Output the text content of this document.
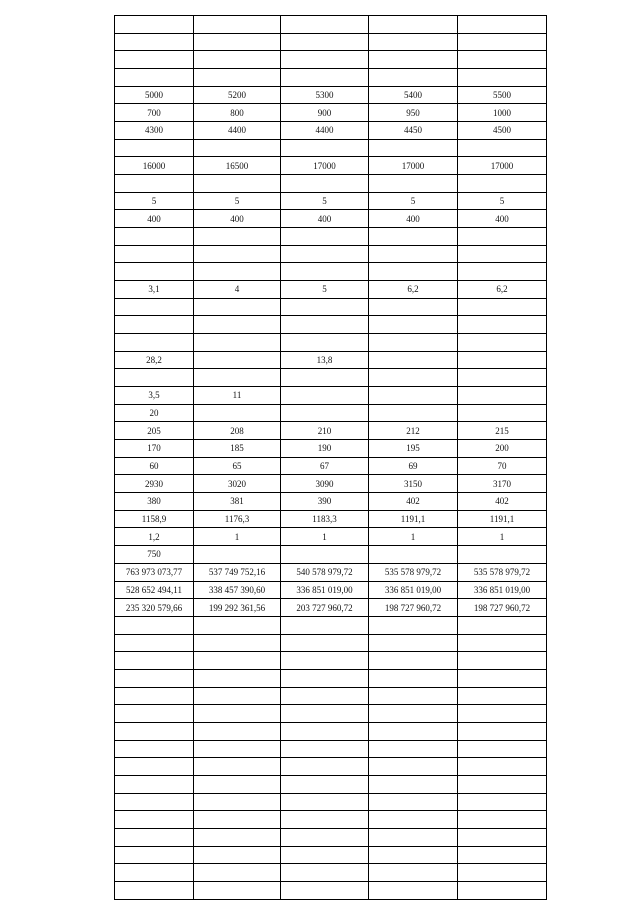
5000	5200	5300	5400	5500
700	800	900	950	1000
4300	4400	4400	4450	4500

16000	16500	17000	17000	17000

5	5	5	5	5
400	400	400	400	400

3,1	4	5	6,2	6,2

28,2		13,8		

3,5	11			
20				
205	208	210	212	215
170	185	190	195	200
60	65	67	69	70
2930	3020	3090	3150	3170
380	381	390	402	402
1158,9	1176,3	1183,3	1191,1	1191,1
1,2	1	1	1	1
750				
763 973 073,77	537 749 752,16	540 578 979,72	535 578 979,72	535 578 979,72
528 652 494,11	338 457 390,60	336 851 019,00	336 851 019,00	336 851 019,00
235 320 579,66	199 292 361,56	203 727 960,72	198 727 960,72	198 727 960,72
